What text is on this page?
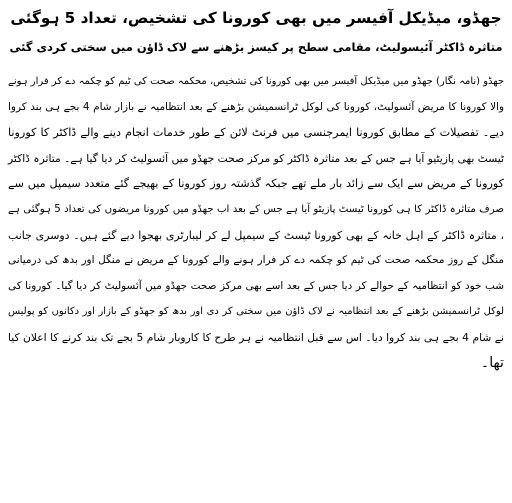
جھڈو، میڈیکل آفیسر میں بھی کورونا کی تشخیص، تعداد 5 ہوگئی
متاثرہ ڈاکٹر آئیسولیٹ، مقامی سطح پر کیسز بڑھنے سے لاک ڈاؤن میں سختی کردی گئی
جھڈو (نامہ نگار) جھڈو میں میڈیکل آفیسر میں بھی کورونا کی تشخیص، محکمہ صحت کی ٹیم کو چکمہ دے کر فرار ہونے
والا کورونا کا مریض آئسولیٹ، کورونا کی لوکل ٹرانسمیشن بڑھنے کے بعد انتظامیہ نے بازار شام 4 بجے ہی بند کروا
دیے۔ تفصیلات کے مطابق کورونا ایمرجنسی میں فرنٹ لائن کے طور خدمات انجام دینے والے ڈاکٹر کا کورونا
ٹیسٹ بھی پازیٹیو آیا ہے جس کے بعد متاثرہ ڈاکٹر کو مرکز صحت جھڈو میں آئسولیٹ کر دیا گیا ہے۔ متاثرہ ڈاکٹر
کورونا کے مریض سے ایک سے زائد بار ملے تھے جبکہ گذشتہ روز کورونا کے بھیجے گئے متعدد سیمپل میں سے
صرف متاثرہ ڈاکٹر کا ہی کورونا ٹیسٹ پازیٹو آیا ہے جس کے بعد اب جھڈو میں کورونا مریضوں کی تعداد 5 ہوگئی ہے
، متاثرہ ڈاکٹر کے اہل خانہ کے بھی کورونا ٹیسٹ کے سیمپل لے کر لیبارٹری بھجوا دیے گئے ہیں۔ دوسری جانب
منگل کے روز محکمہ صحت کی ٹیم کو چکمہ دے کر فرار ہونے والے کورونا کے مریض نے منگل اور بدھ کی درمیانی
شب خود کو انتظامیہ کے حوالے کر دیا جس کے بعد اسے بھی مرکز صحت جھڈو میں آئسولیٹ کر دیا گیا۔ کورونا کی
لوکل ٹرانسمیشن بڑھنے کے بعد انتظامیہ نے لاک ڈاؤن میں سختی کر دی اور بدھ کو جھڈو کے بازار اور دکانوں کو پولیس
نے شام 4 بجے ہی بند کروا دیا۔ اس سے قبل انتظامیہ نے ہر طرح کا کاروبار شام 5 بجے تک بند کرنے کا اعلان کیا
تھا۔
